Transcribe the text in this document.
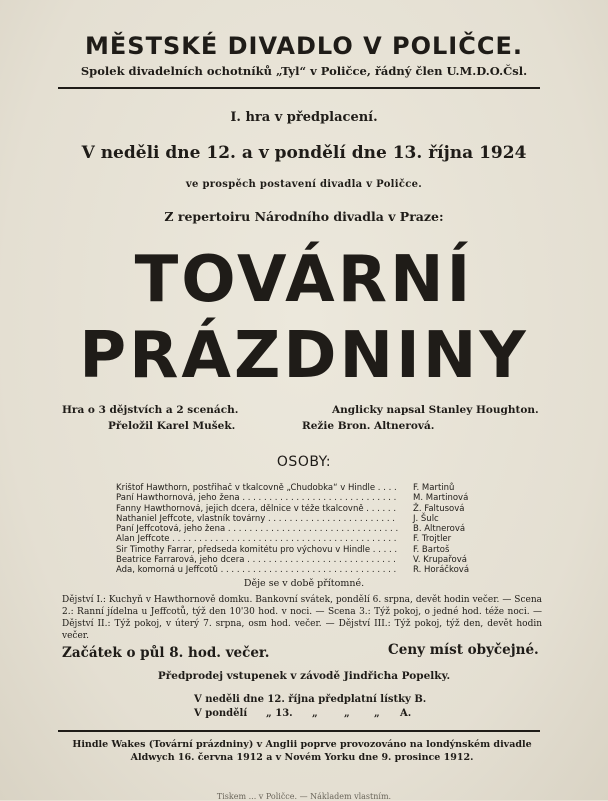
MĚSTSKÉ DIVADLO V POLIČCE.
Spolek divadelních ochotníků „Tyl“ v Poličce, řádný člen U.M.D.O.Čsl.
I. hra v předplacení.
V neděli dne 12. a v pondělí dne 13. října 1924
ve prospěch postavení divadla v Poličce.
Z repertoiru Národního divadla v Praze:
TOVÁRNÍ
PRÁZDNINY
Hra o 3 dějstvích a 2 scenách.	Anglicky napsal Stanley Houghton.
Přeložil Karel Mušek.	Režie Bron. Altnerová.
OSOBY:
Krištof Hawthorn, postřihač v tkalcovně „Chudobka“ v Hindle . . .	F. Martinů
Paní Hawthornová, jeho žena . . .	M. Martinová
Fanny Hawthornová, jejich dcera, dělnice v téže tkalcovně . . .	Ž. Faltusová
Nathaniel Jeffcote, vlastník továrny . . .	J. Šulc
Paní Jeffcotová, jeho žena . . .	B. Altnerová
Alan Jeffcote . . .	F. Trojtler
Sir Timothy Farrar, předseda komitétu pro výchovu v Hindle . . .	F. Bartoš
Beatrice Farrarová, jeho dcera . . .	V. Krupařová
Ada, komorná u Jeffcotů . . .	R. Horáčková
Děje se v době přítomné.
Dějství I.: Kuchyň v Hawthornově domku. Bankovní svátek, pondělí 6. srpna, devět hodin večer. — Scena 2.: Ranní jídelna u Jeffcotů, týž den 10'30 hod. v noci. — Scena 3.: Týž pokoj, o jedné hod. téže noci. — Dějství II.: Týž pokoj, v úterý 7. srpna, osm hod. večer. — Dějství III.: Týž pokoj, týž den, devět hodin večer.
Začátek o půl 8. hod. večer.	Ceny míst obyčejné.
Předprodej vstupenek v závodě Jindřicha Popelky.
V neděli dne 12. října předplatní lístky B.
V pondělí „ 13. „	„ „ A.
Hindle Wakes (Tovární prázdniny) v Anglii poprve provozováno na londýnském divadle
Aldwych 16. června 1912 a v Novém Yorku dne 9. prosince 1912.
Tiskem ... v Poličce. — Nákladem vlastním.
